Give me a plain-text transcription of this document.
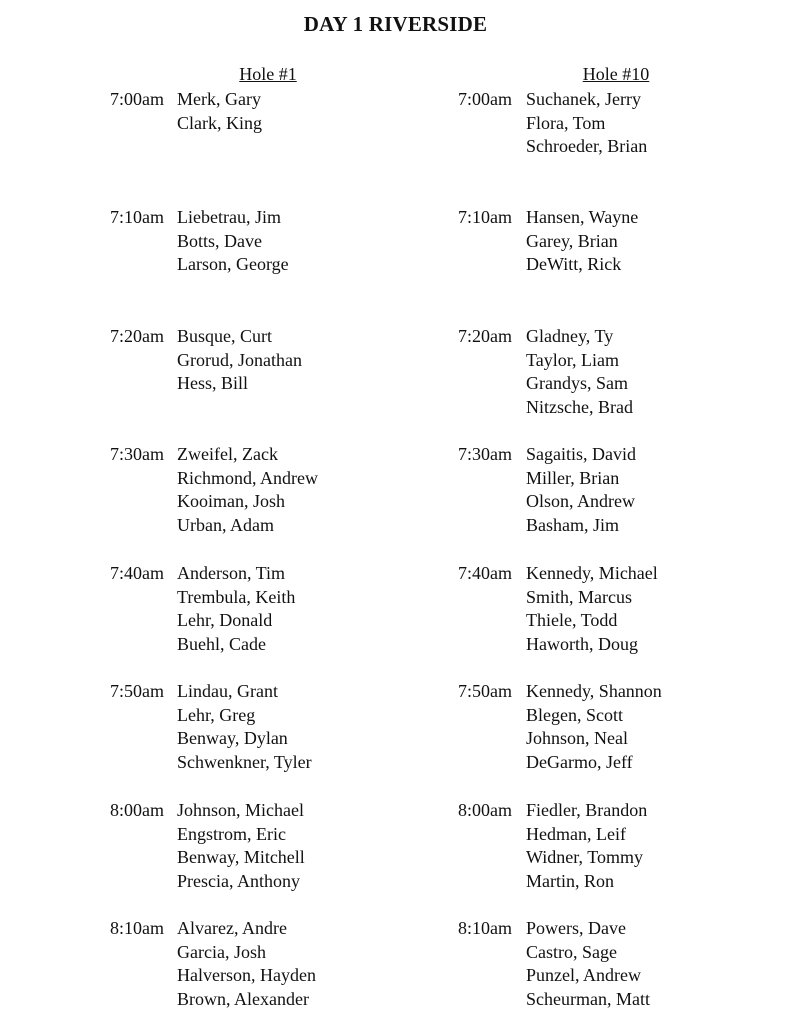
DAY 1 RIVERSIDE
Hole #1	Hole #10
7:00am Merk, Gary
Clark, King
7:10am Liebetrau, Jim
Botts, Dave
Larson, George
7:20am Busque, Curt
Grorud, Jonathan
Hess, Bill
7:30am Zweifel, Zack
Richmond, Andrew
Kooiman, Josh
Urban, Adam
7:40am Anderson, Tim
Trembula, Keith
Lehr, Donald
Buehl, Cade
7:50am Lindau, Grant
Lehr, Greg
Benway, Dylan
Schwenkner, Tyler
8:00am Johnson, Michael
Engstrom, Eric
Benway, Mitchell
Prescia, Anthony
8:10am Alvarez, Andre
Garcia, Josh
Halverson, Hayden
Brown, Alexander
7:00am Suchanek, Jerry
Flora, Tom
Schroeder, Brian
7:10am Hansen, Wayne
Garey, Brian
DeWitt, Rick
7:20am Gladney, Ty
Taylor, Liam
Grandys, Sam
Nitzsche, Brad
7:30am Sagaitis, David
Miller, Brian
Olson, Andrew
Basham, Jim
7:40am Kennedy, Michael
Smith, Marcus
Thiele, Todd
Haworth, Doug
7:50am Kennedy, Shannon
Blegen, Scott
Johnson, Neal
DeGarmo, Jeff
8:00am Fiedler, Brandon
Hedman, Leif
Widner, Tommy
Martin, Ron
8:10am Powers, Dave
Castro, Sage
Punzel, Andrew
Scheurman, Matt
